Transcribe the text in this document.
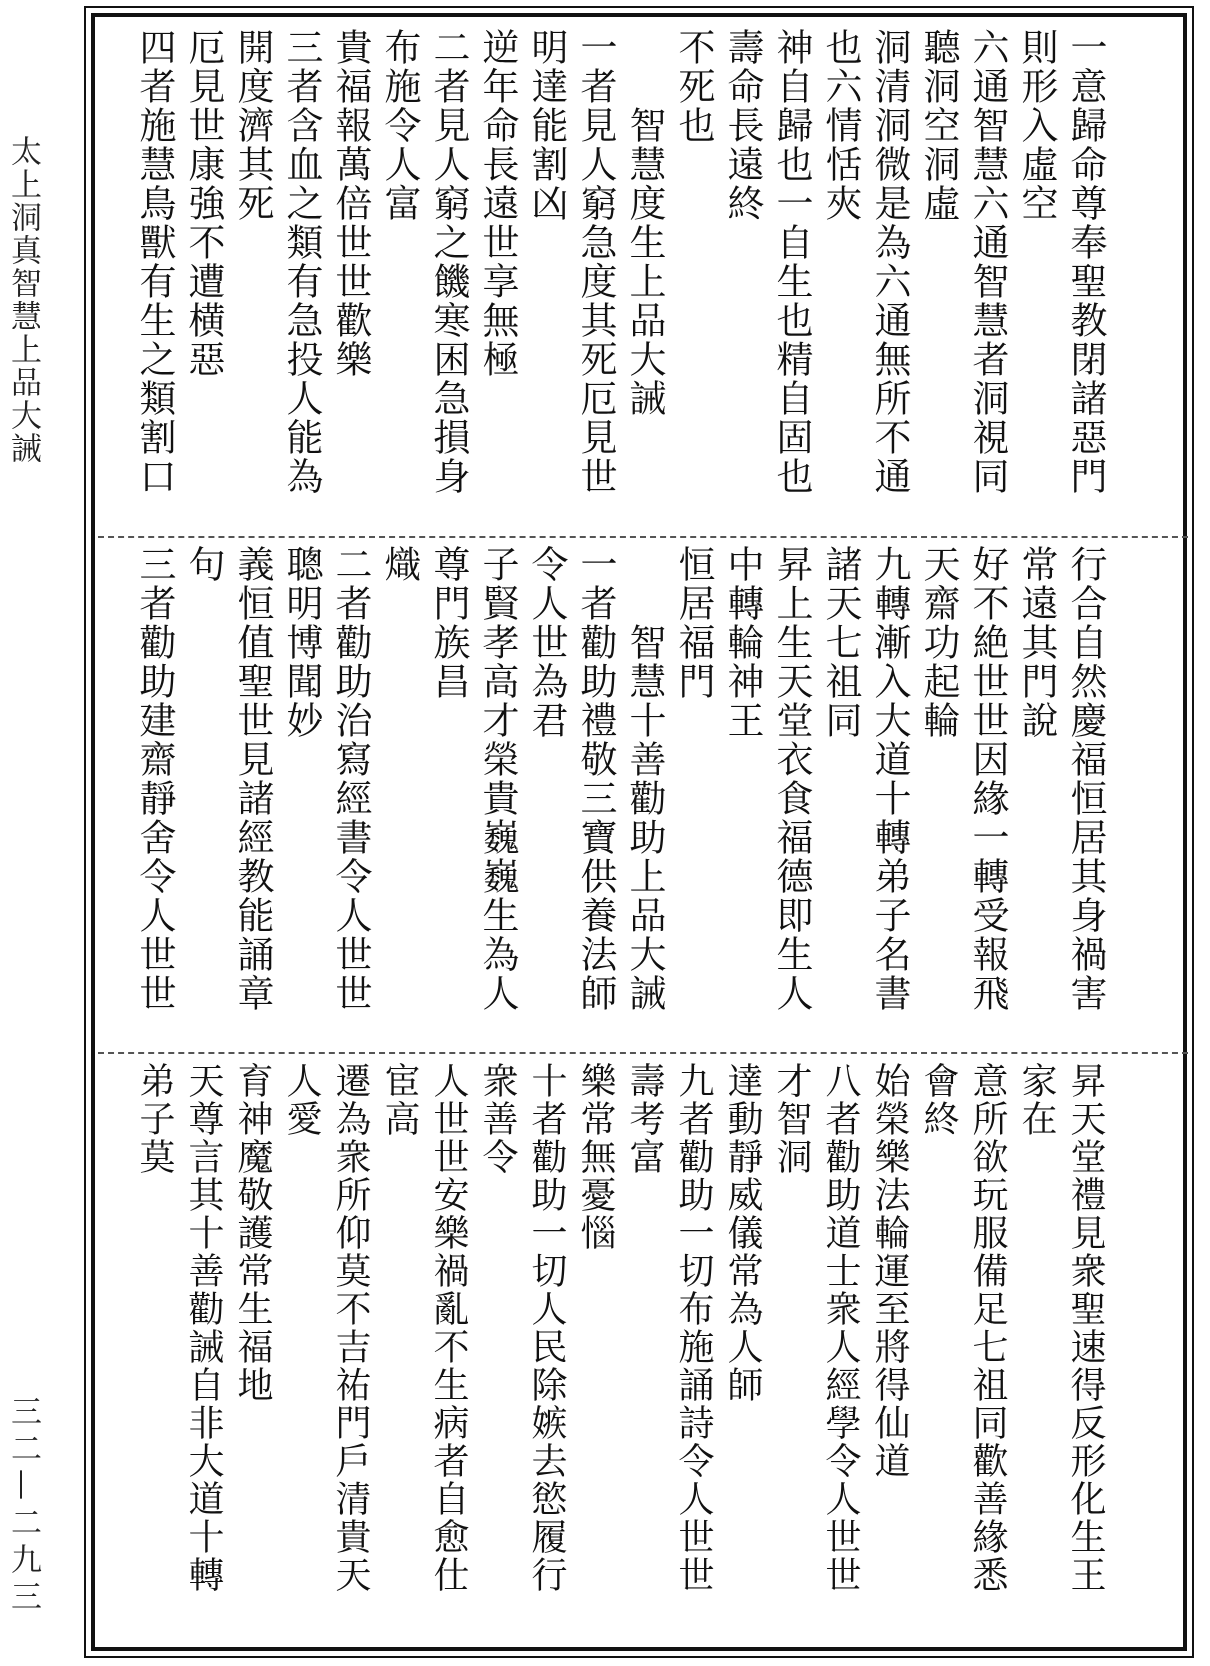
太上洞真智慧上品大誡
三二—二九三
一意歸命尊奉聖教閉諸惡門則形入虛空
六通智慧六通智慧者洞視同聽洞空洞虛
洞清洞微是為六通無所不通也六情恬夾
神自歸也一自生也精自固也壽命長遠終
不死也
　　智慧度生上品大誡
一者見人窮急度其死厄見世明達能割凶
逆年命長遠世享無極
二者見人窮之饑寒困急損身布施令人富
貴福報萬倍世世歡樂
三者含血之類有急投人能為開度濟其死
厄見世康強不遭横惡
四者施慧鳥獸有生之類割口

行合自然慶福恒居其身禍害常遠其門說
好不絶世世因緣一轉受報飛天齋功起輪
九轉漸入大道十轉弟子名書諸天七祖同
昇上生天堂衣食福德即生人中轉輪神王
恒居福門
　　智慧十善勸助上品大誡
一者勸助禮敬三寶供養法師令人世為君
子賢孝高才榮貴巍巍生為人尊門族昌
熾
二者勸助治寫經書令人世世聰明博聞妙
義恒值聖世見諸經教能誦章句
三者勸助建齋靜舍令人世世

昇天堂禮見衆聖速得反形化生王家在
意所欲玩服備足七祖同歡善緣悉會終
始榮樂法輪運至將得仙道
八者勸助道士衆人經學令人世世才智洞
達動靜威儀常為人師
九者勸助一切布施誦詩令人世世壽考富
樂常無憂惱
十者勸助一切人民除嫉去慾履行衆善令
人世世安樂禍亂不生病者自愈仕宦高
遷為衆所仰莫不吉祐門戶清貴天人愛
育神魔敬護常生福地
天尊言其十善勸誡自非大道十轉弟子莫
